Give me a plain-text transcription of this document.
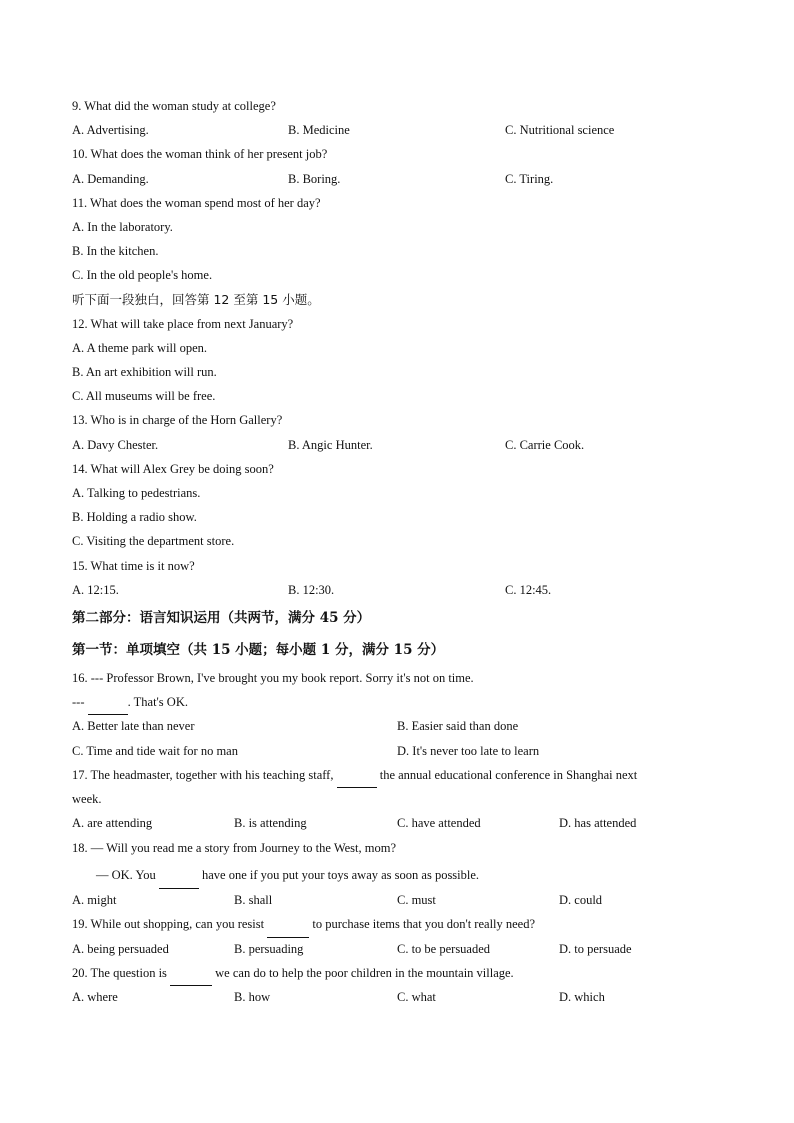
9. What did the woman study at college?
A. Advertising.	B. Medicine	C. Nutritional science
10. What does the woman think of her present job?
A. Demanding.	B. Boring.	C. Tiring.
11. What does the woman spend most of her day?
A. In the laboratory.
B. In the kitchen.
C. In the old people's home.
听下面一段独白，回答第 12 至第 15 小题。
12. What will take place from next January?
A. A theme park will open.
B. An art exhibition will run.
C. All museums will be free.
13. Who is in charge of the Horn Gallery?
A. Davy Chester.	B. Angic Hunter.	C. Carrie Cook.
14. What will Alex Grey be doing soon?
A. Talking to pedestrians.
B. Holding a radio show.
C. Visiting the department store.
15. What time is it now?
A. 12:15.	B. 12:30.	C. 12:45.
第二部分：语言知识运用（共两节，满分 45 分）
第一节：单项填空（共 15 小题；每小题 1 分，满分 15 分）
16. --- Professor Brown, I've brought you my book report. Sorry it's not on time.
---	. That's OK.
A. Better late than never	B. Easier said than done
C. Time and tide wait for no man	D. It's never too late to learn
17. The headmaster, together with his teaching staff,	the annual educational conference in Shanghai next
week.
A. are attending	B. is attending	C. have attended	D. has attended
18. — Will you read me a story from Journey to the West, mom?
— OK. You	have one if you put your toys away as soon as possible.
A. might	B. shall	C. must	D. could
19. While out shopping, can you resist	to purchase items that you don't really need?
A. being persuaded	B. persuading	C. to be persuaded	D. to persuade
20. The question is	we can do to help the poor children in the mountain village.
A. where	B. how	C. what	D. which
